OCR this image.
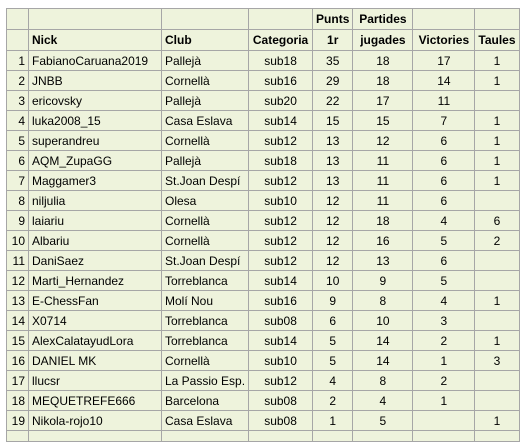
				Punts	Partides		
	Nick	Club	Categoria	1r	jugades	Victories	Taules
1	FabianoCaruana2019	Pallejà	sub18	35	18	17	1
2	JNBB	Cornellà	sub16	29	18	14	1
3	ericovsky	Pallejà	sub20	22	17	11	
4	luka2008_15	Casa Eslava	sub14	15	15	7	1
5	superandreu	Cornellà	sub12	13	12	6	1
6	AQM_ZupaGG	Pallejà	sub18	13	11	6	1
7	Maggamer3	St.Joan Despí	sub12	13	11	6	1
8	niljulia	Olesa	sub10	12	11	6	
9	laiariu	Cornellà	sub12	12	18	4	6
10	Albariu	Cornellà	sub12	12	16	5	2
11	DaniSaez	St.Joan Despí	sub12	12	13	6	
12	Marti_Hernandez	Torreblanca	sub14	10	9	5	
13	E-ChessFan	Molí Nou	sub16	9	8	4	1
14	X0714	Torreblanca	sub08	6	10	3	
15	AlexCalatayudLora	Torreblanca	sub14	5	14	2	1
16	DANIEL MK	Cornellà	sub10	5	14	1	3
17	llucsr	La Passio Esp.	sub12	4	8	2	
18	MEQUETREFE666	Barcelona	sub08	2	4	1	
19	Nikola-rojo10	Casa Eslava	sub08	1	5		1
